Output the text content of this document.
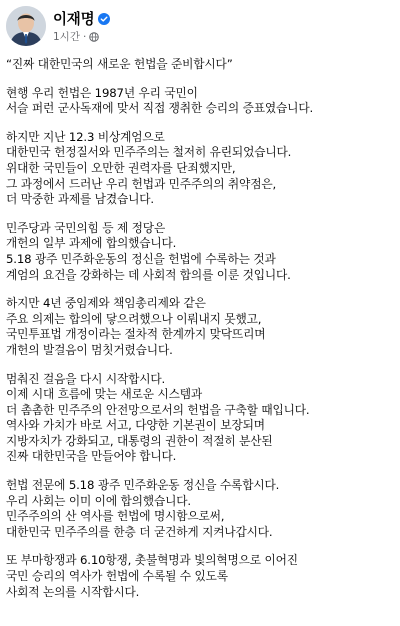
이재명
1시간 ·
“진짜 대한민국의 새로운 헌법을 준비합시다”
현행 우리 헌법은 1987년 우리 국민이
서슬 퍼런 군사독재에 맞서 직접 쟁취한 승리의 증표였습니다.
하지만 지난 12.3 비상계엄으로
대한민국 헌정질서와 민주주의는 철저히 유린되었습니다.
위대한 국민들이 오만한 권력자를 단죄했지만,
그 과정에서 드러난 우리 헌법과 민주주의의 취약점은,
더 막중한 과제를 남겼습니다.
민주당과 국민의힘 등 제 정당은
개헌의 일부 과제에 합의했습니다.
5.18 광주 민주화운동의 정신을 헌법에 수록하는 것과
계엄의 요건을 강화하는 데 사회적 합의를 이룬 것입니다.
하지만 4년 중임제와 책임총리제와 같은
주요 의제는 합의에 닿으려했으나 이뤄내지 못했고,
국민투표법 개정이라는 절차적 한계까지 맞닥뜨리며
개헌의 발걸음이 멈칫거렸습니다.
멈춰진 걸음을 다시 시작합시다.
이제 시대 흐름에 맞는 새로운 시스템과
더 촘촘한 민주주의 안전망으로서의 헌법을 구축할 때입니다.
역사와 가치가 바로 서고, 다양한 기본권이 보장되며
지방자치가 강화되고, 대통령의 권한이 적절히 분산된
진짜 대한민국을 만들어야 합니다.
헌법 전문에 5.18 광주 민주화운동 정신을 수록합시다.
우리 사회는 이미 이에 합의했습니다.
민주주의의 산 역사를 헌법에 명시함으로써,
대한민국 민주주의를 한층 더 굳건하게 지켜나갑시다.
또 부마항쟁과 6.10항쟁, 촛불혁명과 빛의혁명으로 이어진
국민 승리의 역사가 헌법에 수록될 수 있도록
사회적 논의를 시작합시다.
